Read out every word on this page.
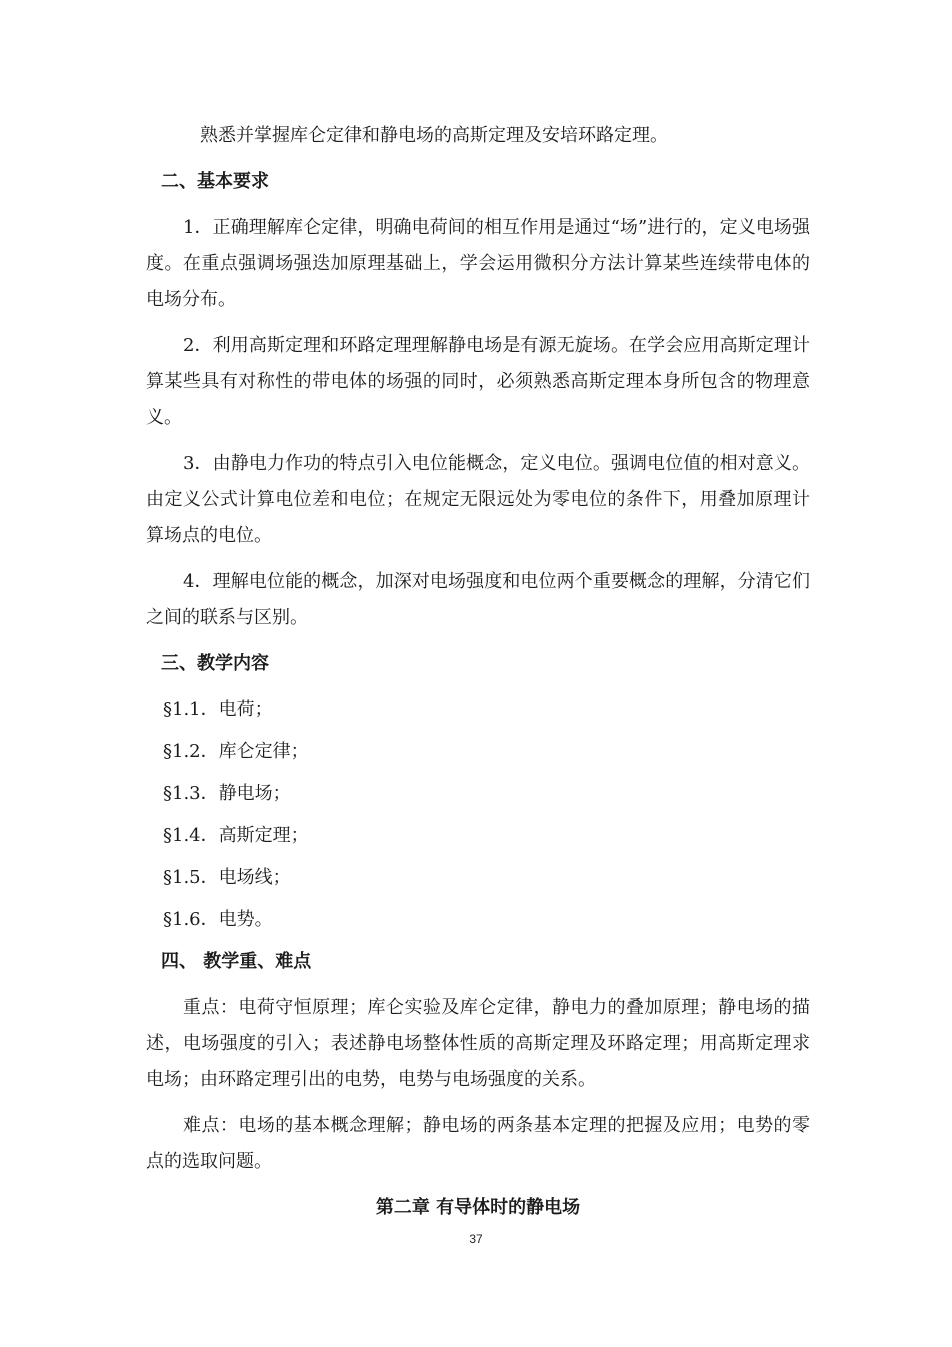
熟悉并掌握库仑定律和静电场的高斯定理及安培环路定理。

二、基本要求

1．正确理解库仑定律，明确电荷间的相互作用是通过“场”进行的，定义电场强度。在重点强调场强迭加原理基础上，学会运用微积分方法计算某些连续带电体的电场分布。

2．利用高斯定理和环路定理理解静电场是有源无旋场。在学会应用高斯定理计算某些具有对称性的带电体的场强的同时，必须熟悉高斯定理本身所包含的物理意义。

3．由静电力作功的特点引入电位能概念，定义电位。强调电位值的相对意义。由定义公式计算电位差和电位；在规定无限远处为零电位的条件下，用叠加原理计算场点的电位。

4．理解电位能的概念，加深对电场强度和电位两个重要概念的理解，分清它们之间的联系与区别。

三、教学内容
§1.1．电荷；
§1.2．库仑定律；
§1.3．静电场；
§1.4．高斯定理；
§1.5．电场线；
§1.6．电势。
四、 教学重、难点

重点：电荷守恒原理；库仑实验及库仑定律，静电力的叠加原理；静电场的描述，电场强度的引入；表述静电场整体性质的高斯定理及环路定理；用高斯定理求电场；由环路定理引出的电势，电势与电场强度的关系。

难点：电场的基本概念理解；静电场的两条基本定理的把握及应用；电势的零点的选取问题。

第二章 有导体时的静电场
37
